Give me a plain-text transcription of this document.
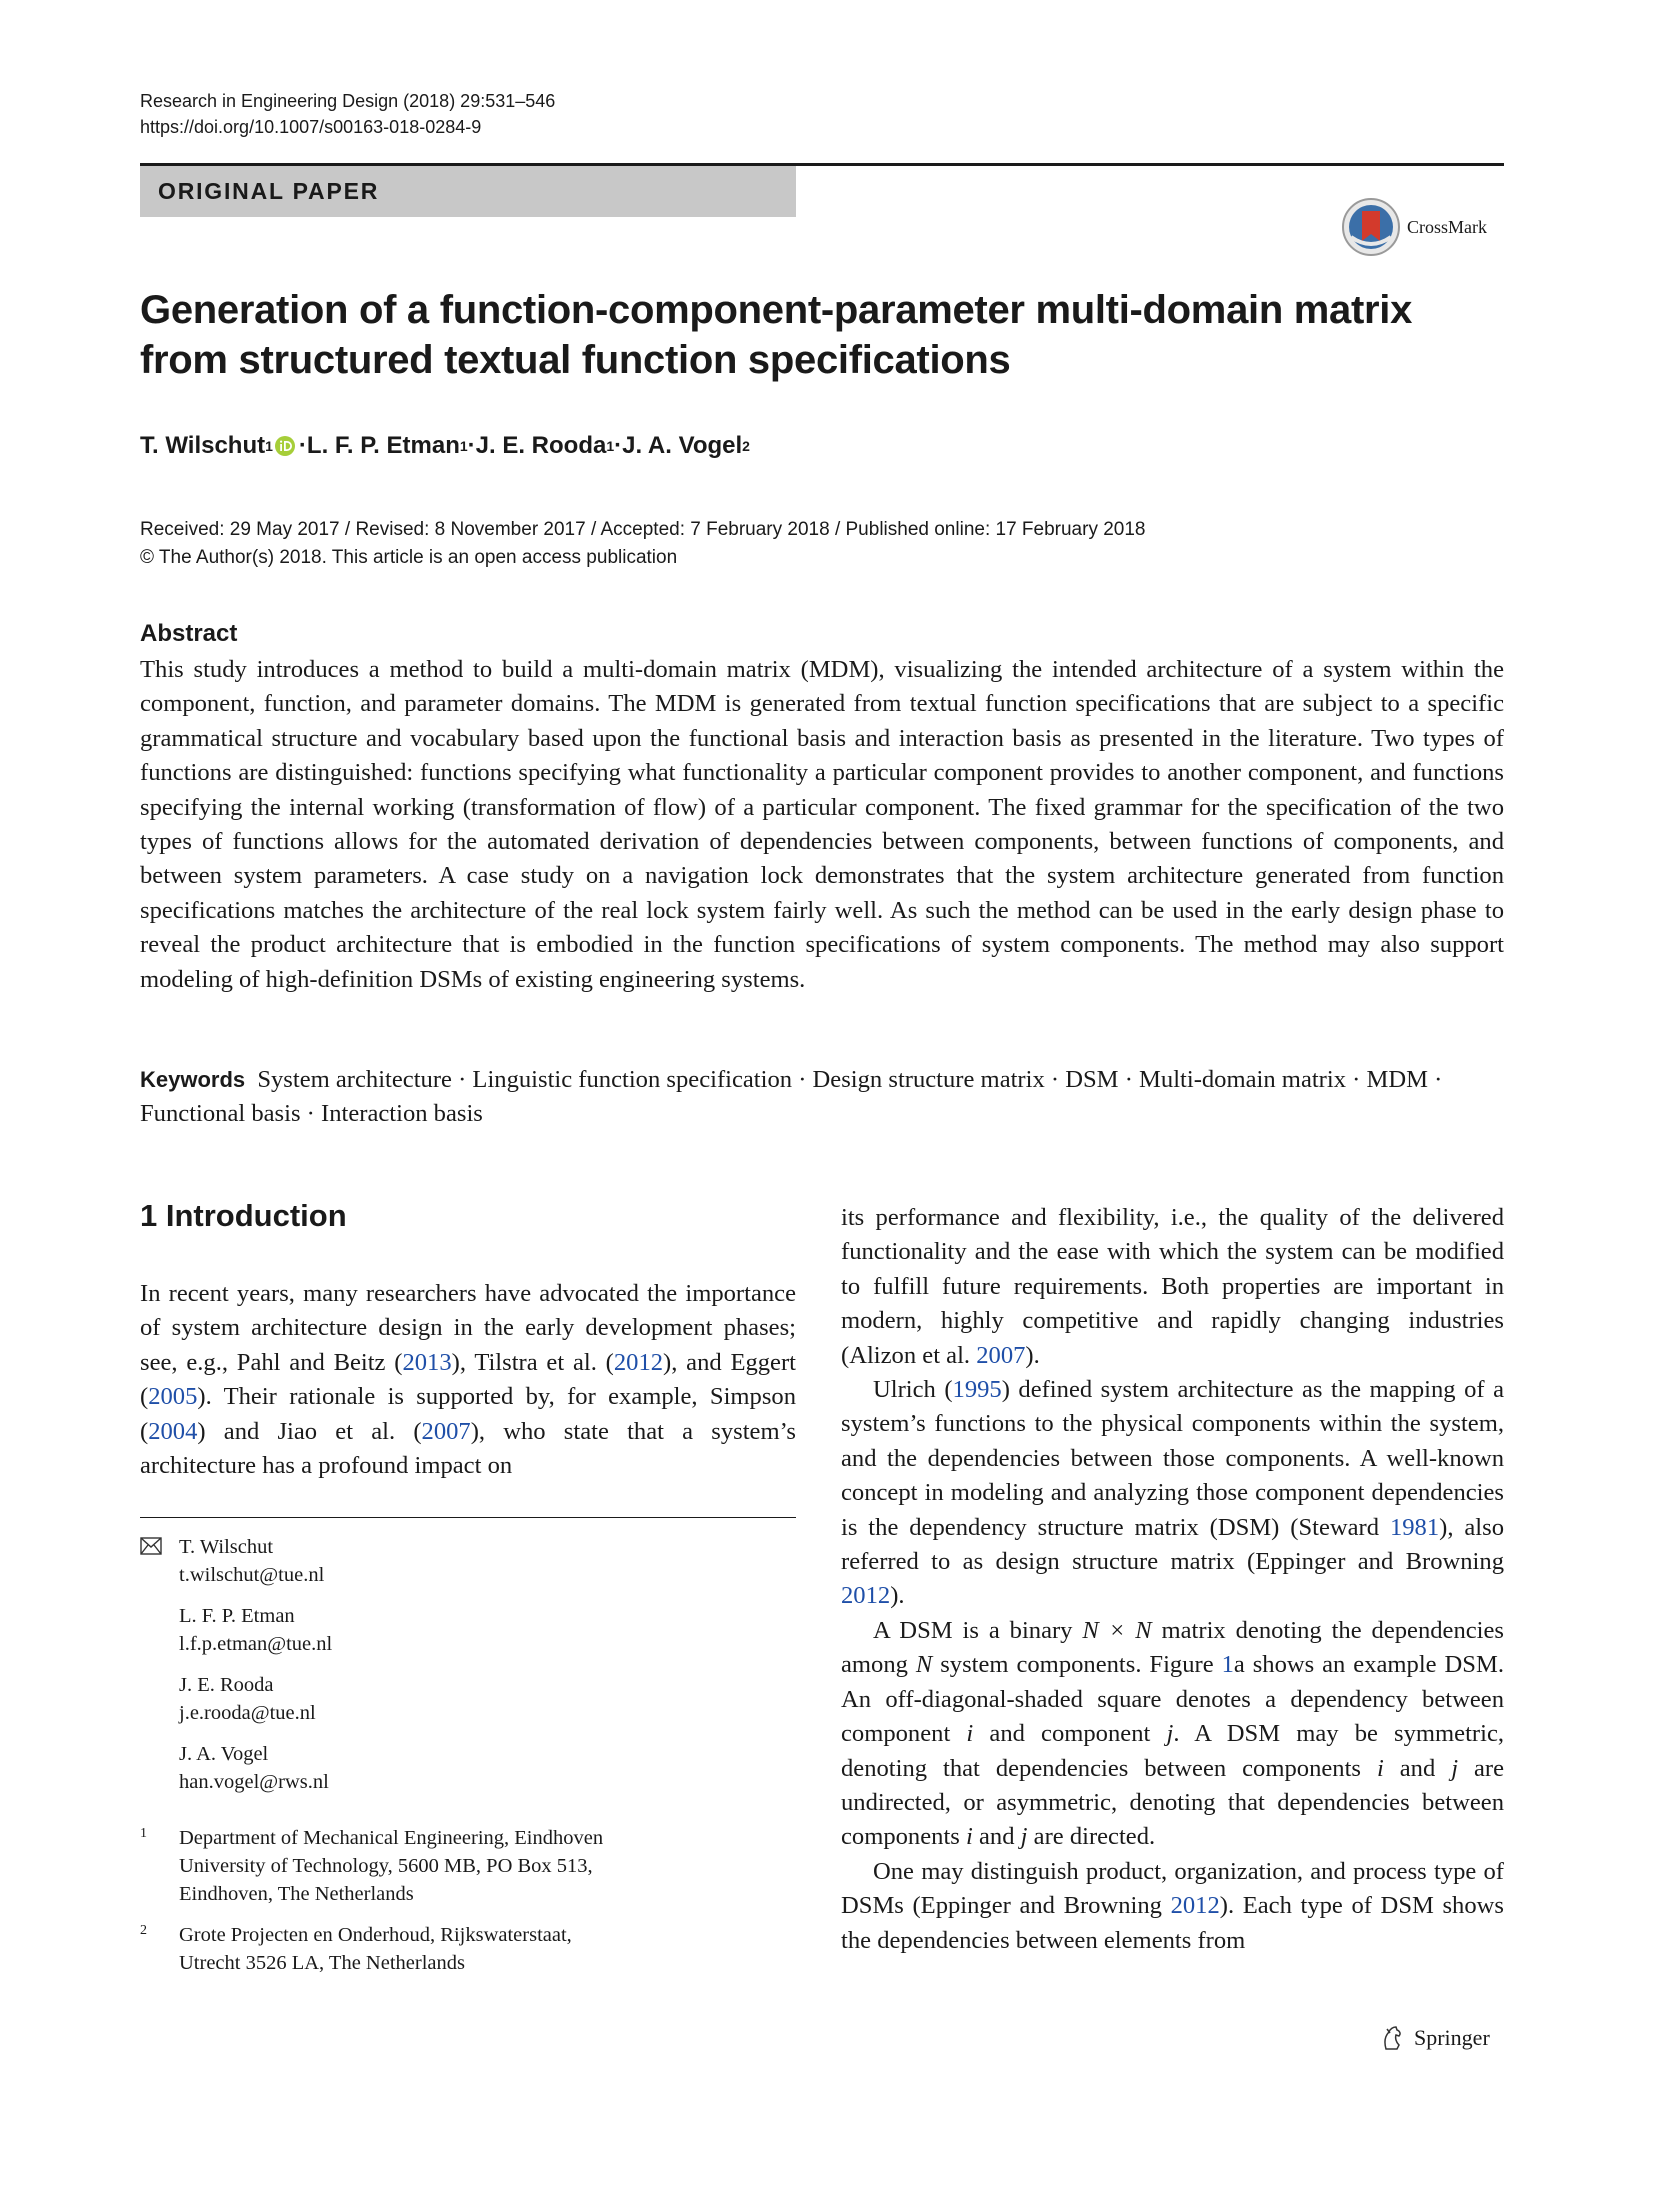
Research in Engineering Design (2018) 29:531–546
https://doi.org/10.1007/s00163-018-0284-9
ORIGINAL PAPER
CrossMark
Generation of a function-component-parameter multi-domain matrix
from structured textual function specifications
T. Wilschut 1 · L. F. P. Etman 1 · J. E. Rooda 1 · J. A. Vogel 2
Received: 29 May 2017 / Revised: 8 November 2017 / Accepted: 7 February 2018 / Published online: 17 February 2018
© The Author(s) 2018. This article is an open access publication
Abstract

This study introduces a method to build a multi-domain matrix (MDM), visualizing the intended architecture of a system within the component, function, and parameter domains. The MDM is generated from textual function specifications that are subject to a specific grammatical structure and vocabulary based upon the functional basis and interaction basis as presented in the literature. Two types of functions are distinguished: functions specifying what functionality a particular component provides to another component, and functions specifying the internal working (transformation of flow) of a particular component. The fixed grammar for the specification of the two types of functions allows for the automated derivation of dependencies between components, between functions of components, and between system parameters. A case study on a navigation lock demonstrates that the system architecture generated from function specifications matches the architecture of the real lock system fairly well. As such the method can be used in the early design phase to reveal the product architecture that is embodied in the function specifications of system components. The method may also support modeling of high-definition DSMs of existing engineering systems.

Keywords System architecture · Linguistic function specification · Design structure matrix · DSM · Multi-domain matrix · MDM · Functional basis · Interaction basis

1 Introduction

In recent years, many researchers have advocated the importance of system architecture design in the early development phases; see, e.g., Pahl and Beitz (2013), Tilstra et al. (2012), and Eggert (2005). Their rationale is supported by, for example, Simpson (2004) and Jiao et al. (2007), who state that a system’s architecture has a profound impact on

its performance and flexibility, i.e., the quality of the delivered functionality and the ease with which the system can be modified to fulfill future requirements. Both properties are important in modern, highly competitive and rapidly changing industries (Alizon et al. 2007).

Ulrich (1995) defined system architecture as the mapping of a system’s functions to the physical components within the system, and the dependencies between those components. A well-known concept in modeling and analyzing those component dependencies is the dependency structure matrix (DSM) (Steward 1981), also referred to as design structure matrix (Eppinger and Browning 2012).

A DSM is a binary N × N matrix denoting the dependencies among N system components. Figure 1a shows an example DSM. An off-diagonal-shaded square denotes a dependency between component i and component j. A DSM may be symmetric, denoting that dependencies between components i and j are undirected, or asymmetric, denoting that dependencies between components i and j are directed.

One may distinguish product, organization, and process type of DSMs (Eppinger and Browning 2012). Each type of DSM shows the dependencies between elements from

T. Wilschut
t.wilschut@tue.nl
L. F. P. Etman
l.f.p.etman@tue.nl
J. E. Rooda
j.e.rooda@tue.nl
J. A. Vogel
han.vogel@rws.nl
1 Department of Mechanical Engineering, Eindhoven
University of Technology, 5600 MB, PO Box 513,
Eindhoven, The Netherlands
2 Grote Projecten en Onderhoud, Rijkswaterstaat,
Utrecht 3526 LA, The Netherlands
Springer
